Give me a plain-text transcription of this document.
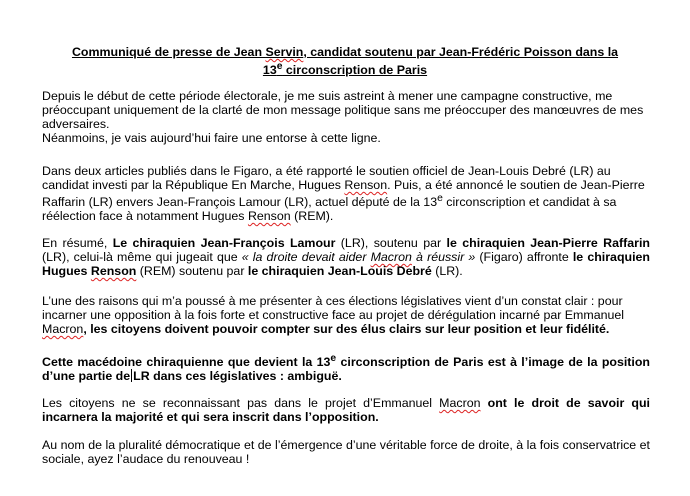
Communiqué de presse de Jean Servin, candidat soutenu par Jean-Frédéric Poisson dans la
13e circonscription de Paris

Depuis le début de cette période électorale, je me suis astreint à mener une campagne constructive, me préoccupant uniquement de la clarté de mon message politique sans me préoccuper des manœuvres de mes adversaires.
Néanmoins, je vais aujourd’hui faire une entorse à cette ligne.

Dans deux articles publiés dans le Figaro, a été rapporté le soutien officiel de Jean-Louis Debré (LR) au candidat investi par la République En Marche, Hugues Renson. Puis, a été annoncé le soutien de Jean-Pierre Raffarin (LR) envers Jean-François Lamour (LR), actuel député de la 13e circonscription et candidat à sa réélection face à notamment Hugues Renson (REM).

En résumé, Le chiraquien Jean-François Lamour (LR), soutenu par le chiraquien Jean-Pierre Raffarin (LR), celui-là même qui jugeait que « la droite devait aider Macron à réussir » (Figaro) affronte le chiraquien Hugues Renson (REM) soutenu par le chiraquien Jean-Louis Debré (LR).

L’une des raisons qui m’a poussé à me présenter à ces élections législatives vient d’un constat clair : pour incarner une opposition à la fois forte et constructive face au projet de dérégulation incarné par Emmanuel Macron, les citoyens doivent pouvoir compter sur des élus clairs sur leur position et leur fidélité.

Cette macédoine chiraquienne que devient la 13e circonscription de Paris est à l’image de la position d’une partie de LR dans ces législatives : ambiguë.

Les citoyens ne se reconnaissant pas dans le projet d’Emmanuel Macron ont le droit de savoir qui incarnera la majorité et qui sera inscrit dans l’opposition.

Au nom de la pluralité démocratique et de l’émergence d’une véritable force de droite, à la fois conservatrice et sociale, ayez l’audace du renouveau !
